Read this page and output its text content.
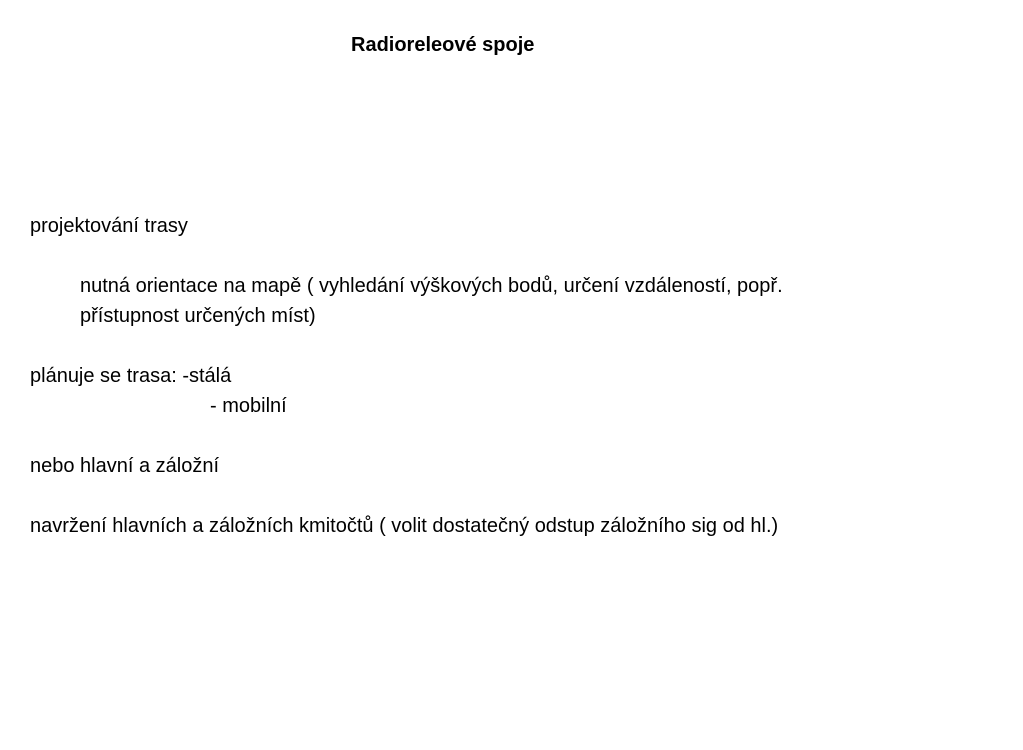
Radioreleové spoje
projektování trasy
nutná orientace na mapě ( vyhledání výškových bodů, určení vzdáleností, popř.
přístupnost určených míst)
plánuje se trasa: -stálá
- mobilní
nebo hlavní a záložní
navržení hlavních a záložních kmitočtů ( volit dostatečný odstup záložního sig od hl.)
